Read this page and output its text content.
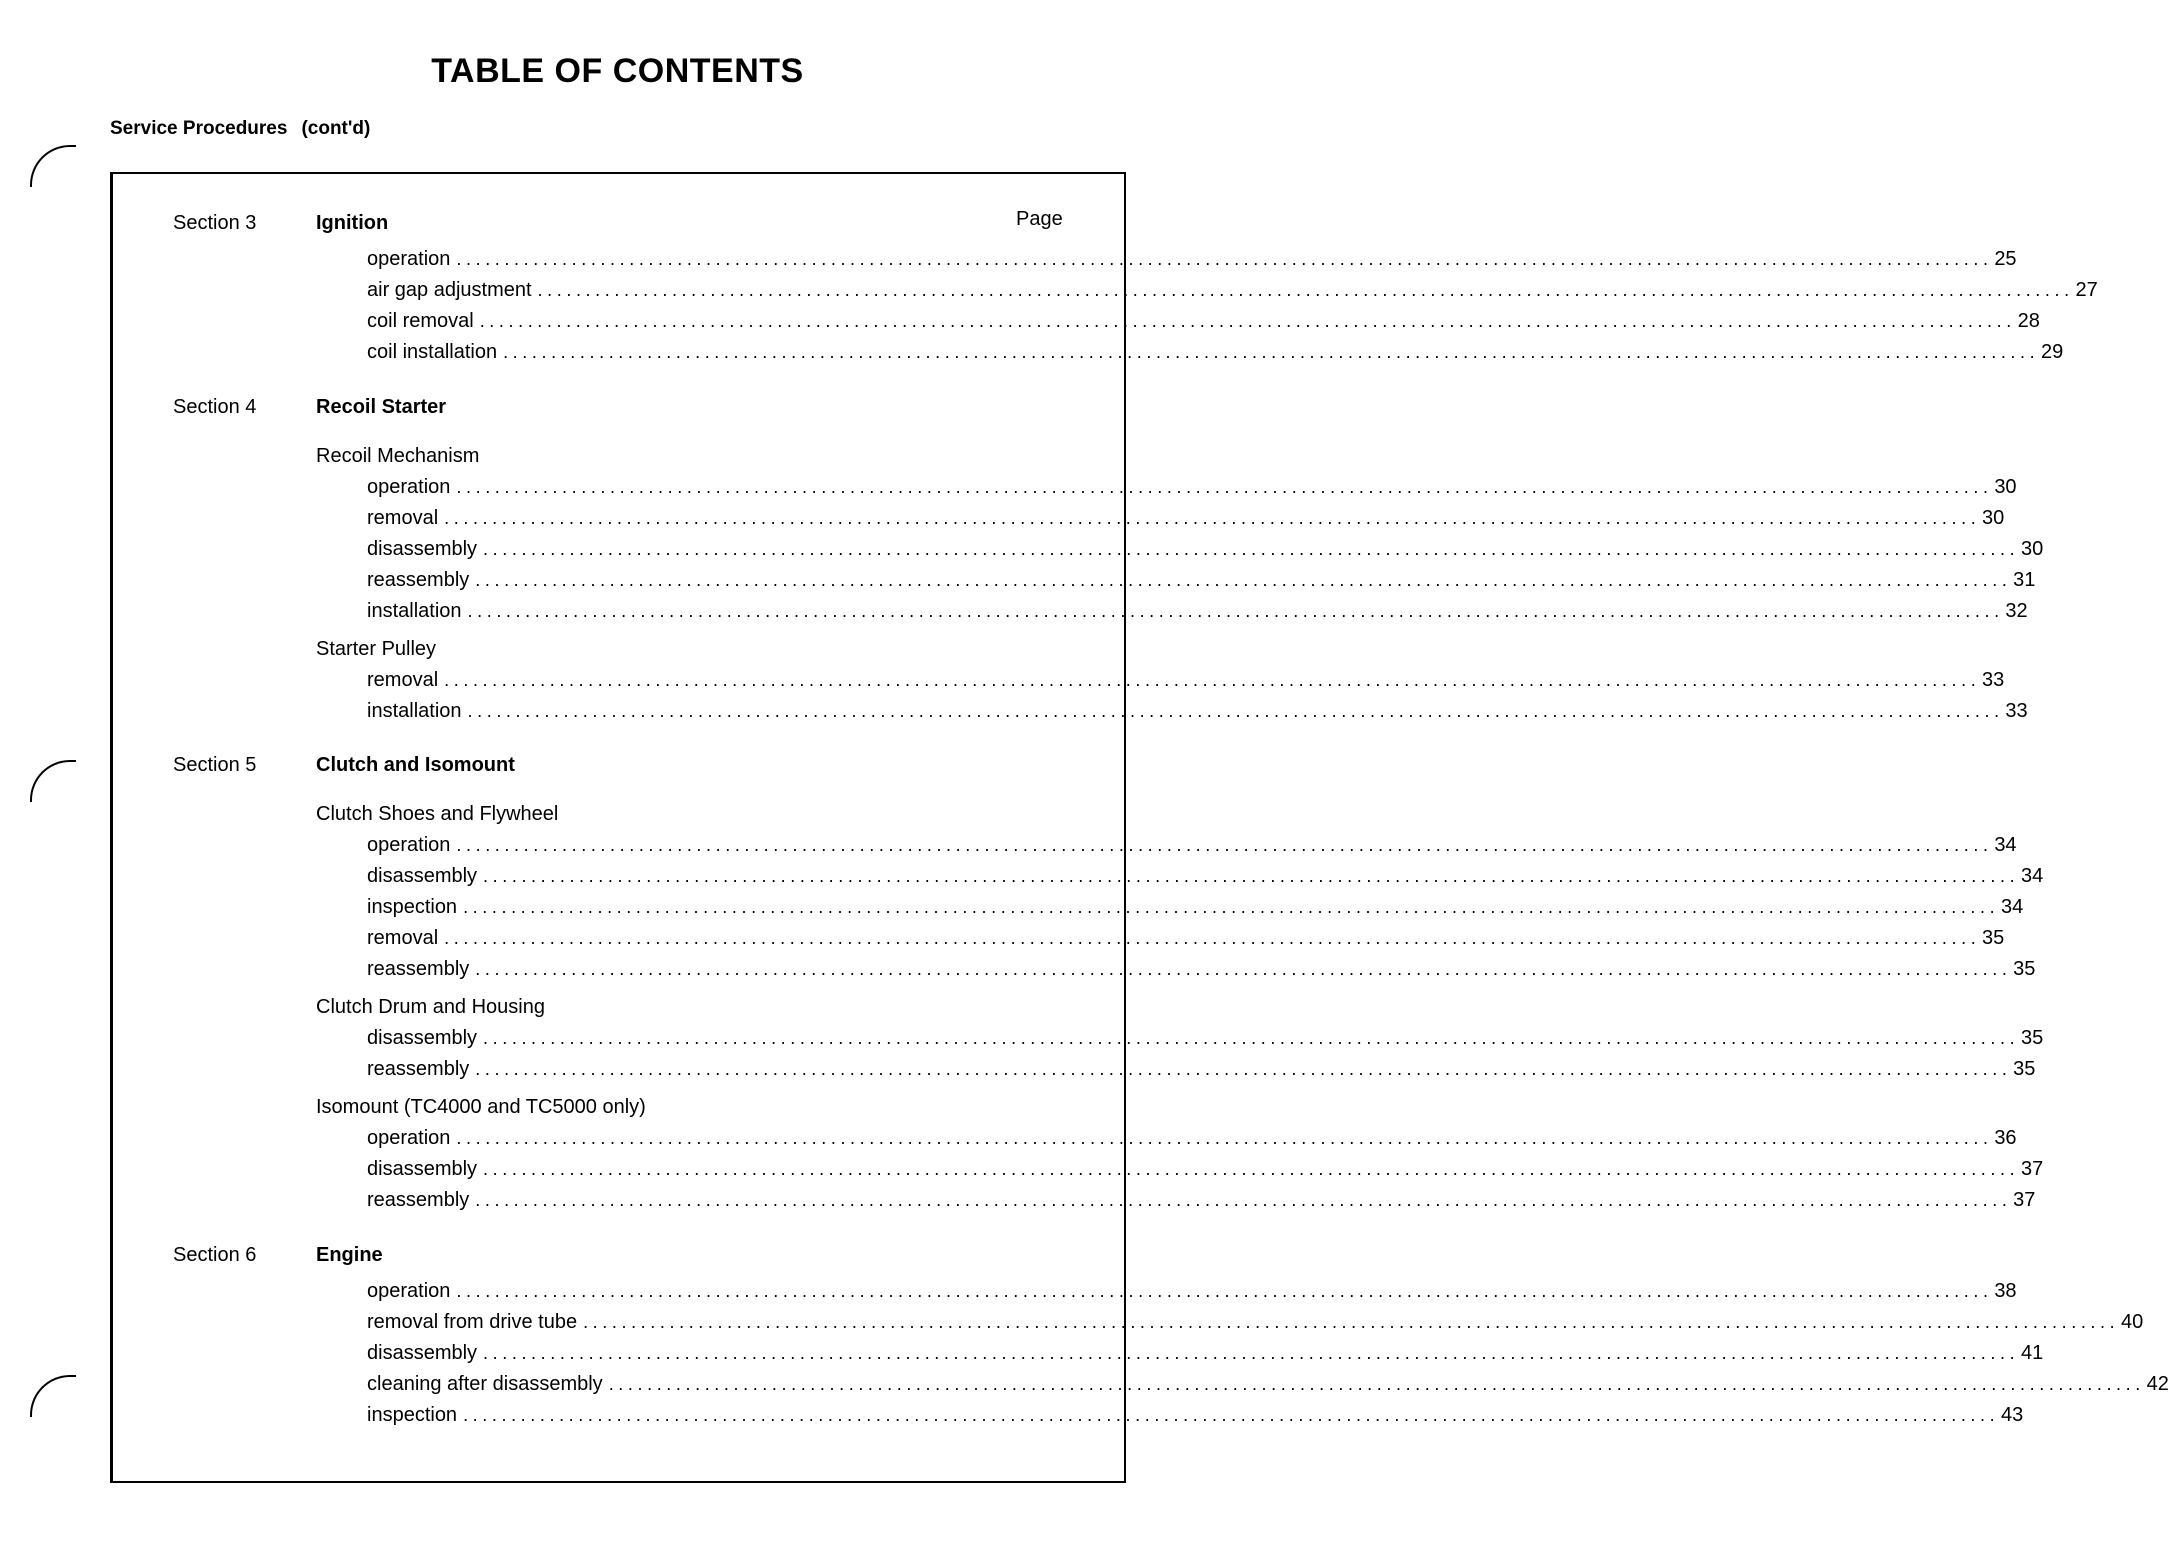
TABLE OF CONTENTS
Service Procedures (cont'd)
Page
Section 3	Ignition
operation ................................................................................................................................................................ 25
air gap adjustment ................................................................................................................................................................ 27
coil removal ................................................................................................................................................................ 28
coil installation ................................................................................................................................................................ 29
Section 4	Recoil Starter
Recoil Mechanism
operation ................................................................................................................................................................ 30
removal ................................................................................................................................................................ 30
disassembly ................................................................................................................................................................ 30
reassembly ................................................................................................................................................................ 31
installation ................................................................................................................................................................ 32
Starter Pulley
removal ................................................................................................................................................................ 33
installation ................................................................................................................................................................ 33
Section 5	Clutch and Isomount
Clutch Shoes and Flywheel
operation ................................................................................................................................................................ 34
disassembly ................................................................................................................................................................ 34
inspection ................................................................................................................................................................ 34
removal ................................................................................................................................................................ 35
reassembly ................................................................................................................................................................ 35
Clutch Drum and Housing
disassembly ................................................................................................................................................................ 35
reassembly ................................................................................................................................................................ 35
Isomount (TC4000 and TC5000 only)
operation ................................................................................................................................................................ 36
disassembly ................................................................................................................................................................ 37
reassembly ................................................................................................................................................................ 37
Section 6	Engine
operation ................................................................................................................................................................ 38
removal from drive tube ................................................................................................................................................................ 40
disassembly ................................................................................................................................................................ 41
cleaning after disassembly ................................................................................................................................................................ 42
inspection ................................................................................................................................................................ 43
